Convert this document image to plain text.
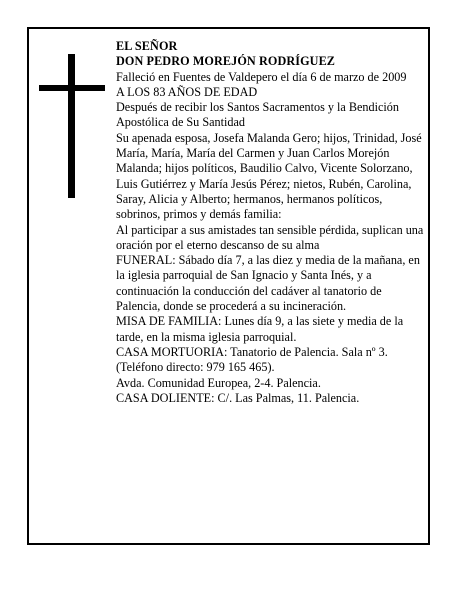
EL SEÑOR

DON PEDRO MOREJÓN RODRÍGUEZ

Falleció en Fuentes de Valdepero el día 6 de marzo de 2009

A LOS 83 AÑOS DE EDAD

Después de recibir los Santos Sacramentos y la Bendición Apostólica de Su Santidad

Su apenada esposa, Josefa Malanda Gero; hijos, Trinidad, José María, María, María del Carmen y Juan Carlos Morejón Malanda; hijos políticos, Baudilio Calvo, Vicente Solorzano, Luis Gutiérrez y María Jesús Pérez; nietos, Rubén, Carolina, Saray, Alicia y Alberto; hermanos, hermanos políticos, sobrinos, primos y demás familia:

Al participar a sus amistades tan sensible pérdida, suplican una oración por el eterno descanso de su alma

FUNERAL: Sábado día 7, a las diez y media de la mañana, en la iglesia parroquial de San Ignacio y Santa Inés, y a continuación la conducción del cadáver al tanatorio de Palencia, donde se procederá a su incineración.

MISA DE FAMILIA: Lunes día 9, a las siete y media de la tarde, en la misma iglesia parroquial.

CASA MORTUORIA: Tanatorio de Palencia. Sala nº 3. (Teléfono directo: 979 165 465).

Avda. Comunidad Europea, 2-4. Palencia.

CASA DOLIENTE: C/. Las Palmas, 11. Palencia.
